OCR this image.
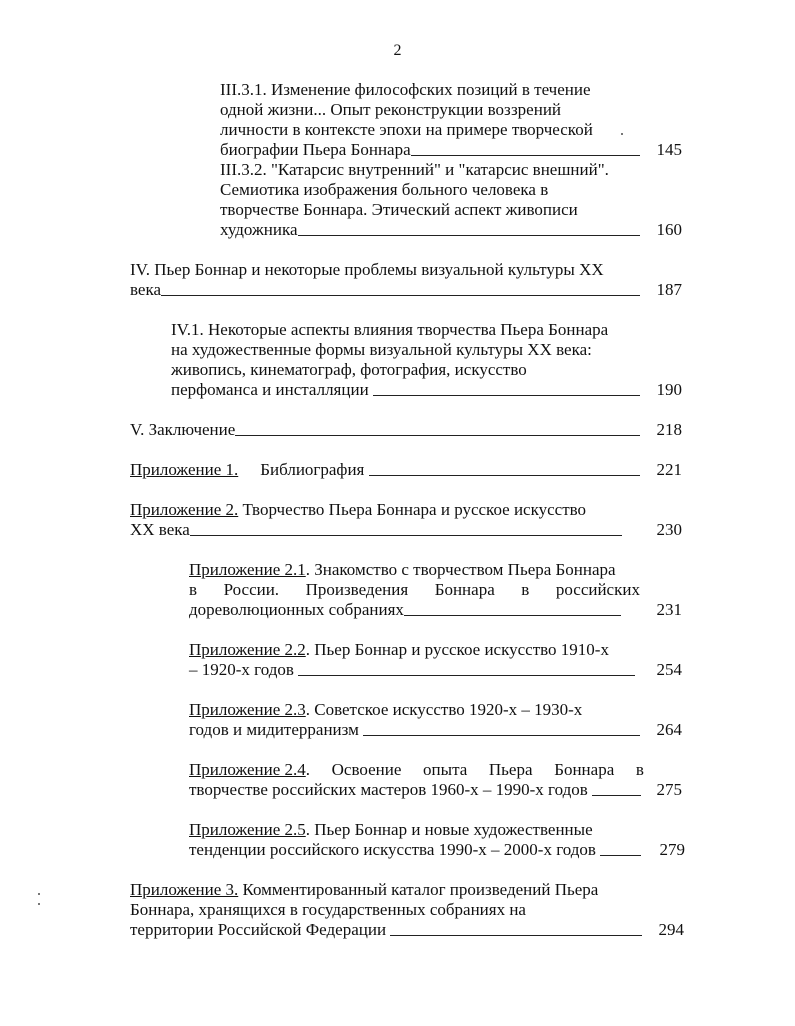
2
III.3.1. Изменение философских позиций в течение
одной жизни... Опыт реконструкции воззрений
личности в контексте эпохи на примере творческой
биографии Пьера Боннара	145
III.3.2. "Катарсис внутренний" и "катарсис внешний".
Семиотика изображения больного человека в
творчестве Боннара. Этический аспект живописи
художника	160
IV. Пьер Боннар и некоторые проблемы визуальной культуры XX
века	187
IV.1. Некоторые аспекты влияния творчества Пьера Боннара
на художественные формы визуальной культуры XX века:
живопись, кинематограф, фотография, искусство
перфоманса и инсталляции	190
V. Заключение	218
Приложение 1. Библиография	221
Приложение 2. Творчество Пьера Боннара и русское искусство
XX века	230
Приложение 2.1. Знакомство с творчеством Пьера Боннара
в России. Произведения Боннара в российских
дореволюционных собраниях	231
Приложение 2.2. Пьер Боннар и русское искусство 1910-х
– 1920-х годов	254
Приложение 2.3. Советское искусство 1920-х – 1930-х
годов и мидитерранизм	264
Приложение 2.4. Освоение опыта Пьера Боннара в
творчестве российских мастеров 1960-х – 1990-х годов	275
Приложение 2.5. Пьер Боннар и новые художественные
тенденции российского искусства 1990-х – 2000-х годов	279
Приложение 3. Комментированный каталог произведений Пьера
Боннара, хранящихся в государственных собраниях на
территории Российской Федерации	294
